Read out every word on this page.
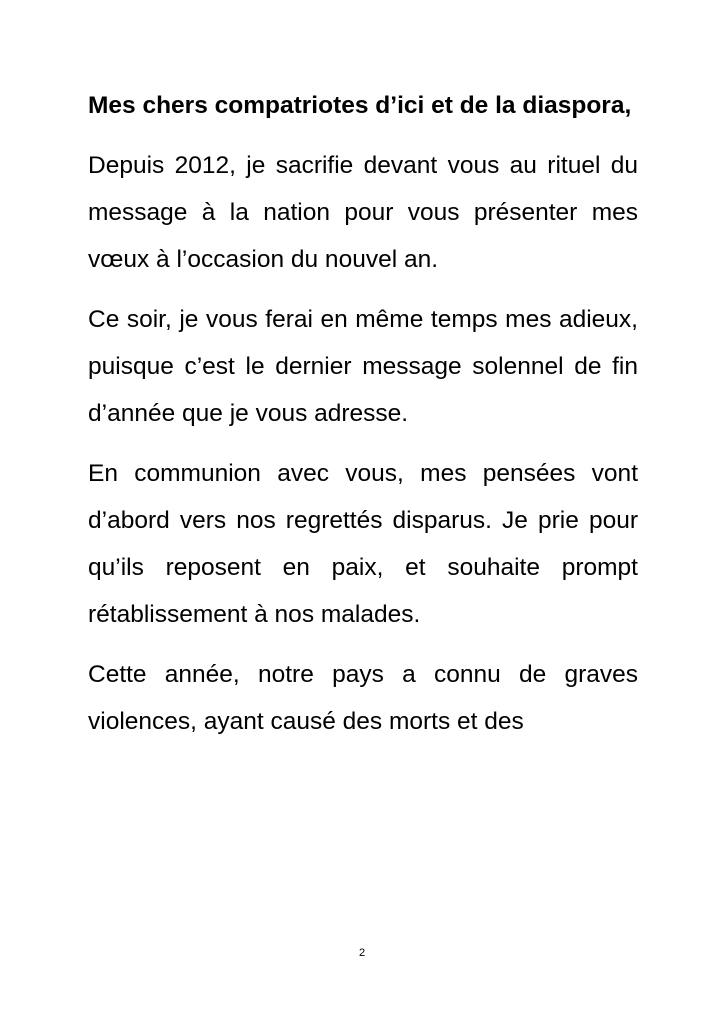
Mes chers compatriotes d’ici et de la diaspora,

Depuis 2012, je sacrifie devant vous au rituel du message à la nation pour vous présenter mes vœux à l’occasion du nouvel an.

Ce soir, je vous ferai en même temps mes adieux, puisque c’est le dernier message solennel de fin d’année que je vous adresse.

En communion avec vous, mes pensées vont d’abord vers nos regrettés disparus. Je prie pour qu’ils reposent en paix, et souhaite prompt rétablissement à nos malades.

Cette année, notre pays a connu de graves violences, ayant causé des morts et des

2
